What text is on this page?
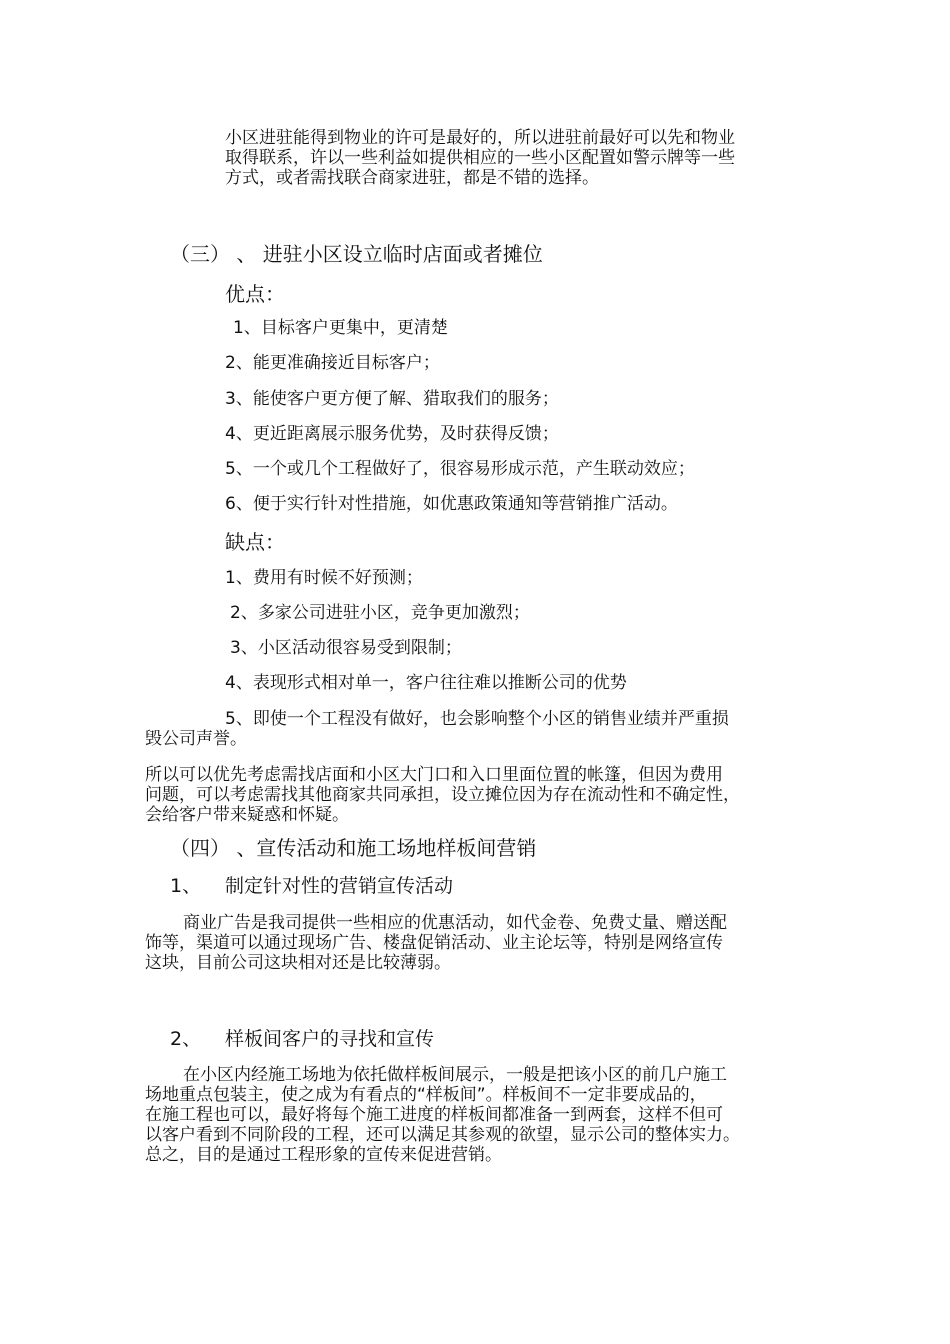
小区进驻能得到物业的许可是最好的，所以进驻前最好可以先和物业
取得联系，许以一些利益如提供相应的一些小区配置如警示牌等一些
方式，或者需找联合商家进驻，都是不错的选择。
（三） 、 进驻小区设立临时店面或者摊位
优点：
1、目标客户更集中，更清楚
2、能更准确接近目标客户；
3、能使客户更方便了解、猎取我们的服务；
4、更近距离展示服务优势，及时获得反馈；
5、一个或几个工程做好了，很容易形成示范，产生联动效应；
6、便于实行针对性措施，如优惠政策通知等营销推广活动。
缺点：
1、费用有时候不好预测；
2、多家公司进驻小区，竞争更加激烈；
3、小区活动很容易受到限制；
4、表现形式相对单一，客户往往难以推断公司的优势
5、即使一个工程没有做好，也会影响整个小区的销售业绩并严重损
毁公司声誉。
所以可以优先考虑需找店面和小区大门口和入口里面位置的帐篷，但因为费用
问题，可以考虑需找其他商家共同承担，设立摊位因为存在流动性和不确定性，
会给客户带来疑惑和怀疑。
（四） 、宣传活动和施工场地样板间营销
1、 制定针对性的营销宣传活动
商业广告是我司提供一些相应的优惠活动，如代金卷、免费丈量、赠送配
饰等，渠道可以通过现场广告、楼盘促销活动、业主论坛等，特别是网络宣传
这块，目前公司这块相对还是比较薄弱。
2、 样板间客户的寻找和宣传
在小区内经施工场地为依托做样板间展示，一般是把该小区的前几户施工
场地重点包装主，使之成为有看点的“样板间”。样板间不一定非要成品的，
在施工程也可以，最好将每个施工进度的样板间都准备一到两套，这样不但可
以客户看到不同阶段的工程，还可以满足其参观的欲望，显示公司的整体实力。
总之，目的是通过工程形象的宣传来促进营销。
